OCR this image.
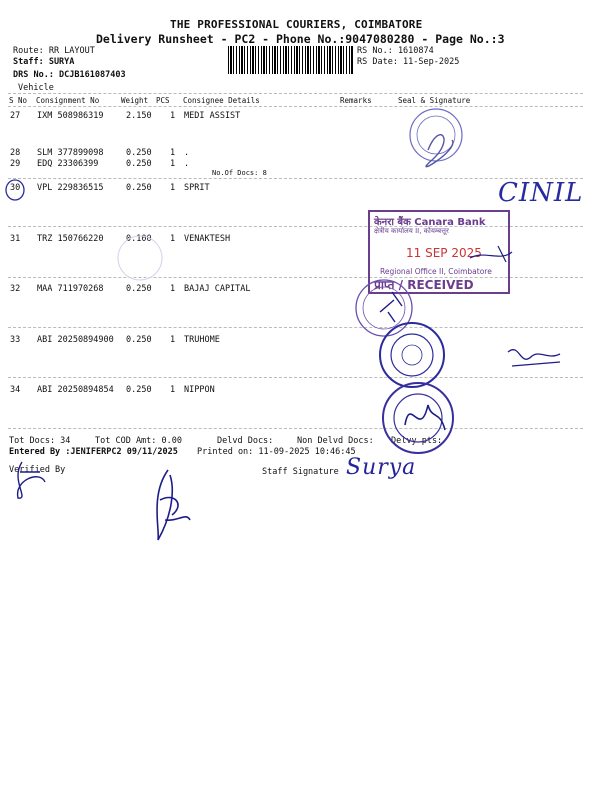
THE PROFESSIONAL COURIERS, COIMBATORE
Delivery Runsheet - PC2 - Phone No.:9047080280 - Page No.:3
Route: RR LAYOUT
Staff: SURYA
DRS No.: DCJB161087403
Vehicle
RS No.: 1610874
RS Date: 11-Sep-2025
S No Consignment No	Weight PCS Consignee Details	Remarks	Seal & Signature
27 IXM 508986319	2.150 1 MEDI ASSIST
28 SLM 377899098	0.250 1 .
29 EDQ 23306399	0.250 1 .
No.Of Docs: 8
30 VPL 229836515	0.250 1 SPRIT
31 TRZ 150766220	0.100 1 VENAKTESH
32 MAA 711970268	0.250 1 BAJAJ CAPITAL
33 ABI 20250894900 0.250 1 TRUHOME
34 ABI 20250894854 0.250 1 NIPPON
Tot Docs: 34	Tot COD Amt: 0.00	Delvd Docs:	Non Delvd Docs: Delvy pts:
Entered By :JENIFERPC2 09/11/2025 Printed on: 11-09-2025 10:46:45
Verified By	Staff Signature
केनरा बैंक Canara Bank
क्षेत्रीय कार्यालय II, कोयम्बत्तूर
11 SEP 2025
Regional Office II, Coimbatore
प्राप्त / RECEIVED
CINIL
Surya
